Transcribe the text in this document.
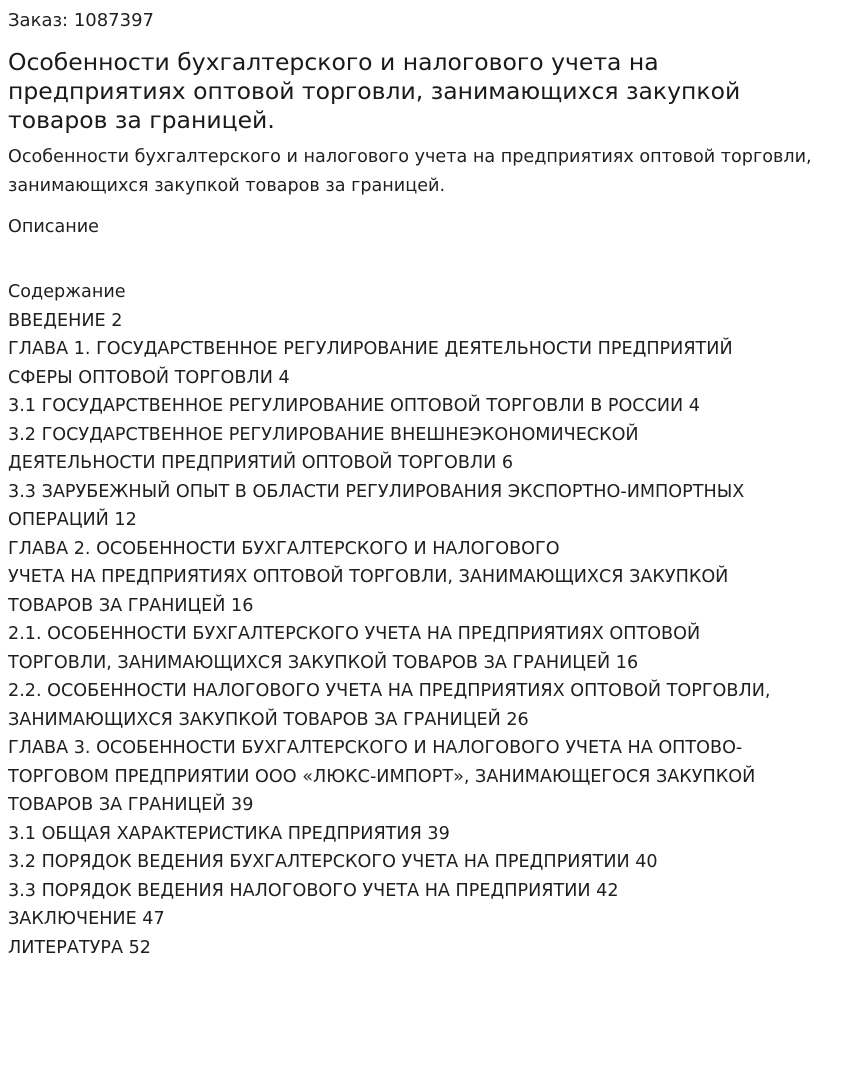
Заказ: 1087397

Особенности бухгалтерского и налогового учета на предприятиях оптовой торговли, занимающихся закупкой товаров за границей.

Особенности бухгалтерского и налогового учета на предприятиях оптовой торговли, занимающихся закупкой товаров за границей.

Описание

Содержание
ВВЕДЕНИЕ 2
ГЛАВА 1. ГОСУДАРСТВЕННОЕ РЕГУЛИРОВАНИЕ ДЕЯТЕЛЬНОСТИ ПРЕДПРИЯТИЙ
СФЕРЫ ОПТОВОЙ ТОРГОВЛИ 4
3.1 ГОСУДАРСТВЕННОЕ РЕГУЛИРОВАНИЕ ОПТОВОЙ ТОРГОВЛИ В РОССИИ 4
3.2 ГОСУДАРСТВЕННОЕ РЕГУЛИРОВАНИЕ ВНЕШНЕЭКОНОМИЧЕСКОЙ
ДЕЯТЕЛЬНОСТИ ПРЕДПРИЯТИЙ ОПТОВОЙ ТОРГОВЛИ 6
3.3 ЗАРУБЕЖНЫЙ ОПЫТ В ОБЛАСТИ РЕГУЛИРОВАНИЯ ЭКСПОРТНО-ИМПОРТНЫХ
ОПЕРАЦИЙ 12
ГЛАВА 2. ОСОБЕННОСТИ БУХГАЛТЕРСКОГО И НАЛОГОВОГО
УЧЕТА НА ПРЕДПРИЯТИЯХ ОПТОВОЙ ТОРГОВЛИ, ЗАНИМАЮЩИХСЯ ЗАКУПКОЙ
ТОВАРОВ ЗА ГРАНИЦЕЙ 16
2.1. ОСОБЕННОСТИ БУХГАЛТЕРСКОГО УЧЕТА НА ПРЕДПРИЯТИЯХ ОПТОВОЙ
ТОРГОВЛИ, ЗАНИМАЮЩИХСЯ ЗАКУПКОЙ ТОВАРОВ ЗА ГРАНИЦЕЙ 16
2.2. ОСОБЕННОСТИ НАЛОГОВОГО УЧЕТА НА ПРЕДПРИЯТИЯХ ОПТОВОЙ ТОРГОВЛИ,
ЗАНИМАЮЩИХСЯ ЗАКУПКОЙ ТОВАРОВ ЗА ГРАНИЦЕЙ 26
ГЛАВА 3. ОСОБЕННОСТИ БУХГАЛТЕРСКОГО И НАЛОГОВОГО УЧЕТА НА ОПТОВО-
ТОРГОВОМ ПРЕДПРИЯТИИ ООО «ЛЮКС-ИМПОРТ», ЗАНИМАЮЩЕГОСЯ ЗАКУПКОЙ
ТОВАРОВ ЗА ГРАНИЦЕЙ 39
3.1 ОБЩАЯ ХАРАКТЕРИСТИКА ПРЕДПРИЯТИЯ 39
3.2 ПОРЯДОК ВЕДЕНИЯ БУХГАЛТЕРСКОГО УЧЕТА НА ПРЕДПРИЯТИИ 40
3.3 ПОРЯДОК ВЕДЕНИЯ НАЛОГОВОГО УЧЕТА НА ПРЕДПРИЯТИИ 42
ЗАКЛЮЧЕНИЕ 47
ЛИТЕРАТУРА 52
